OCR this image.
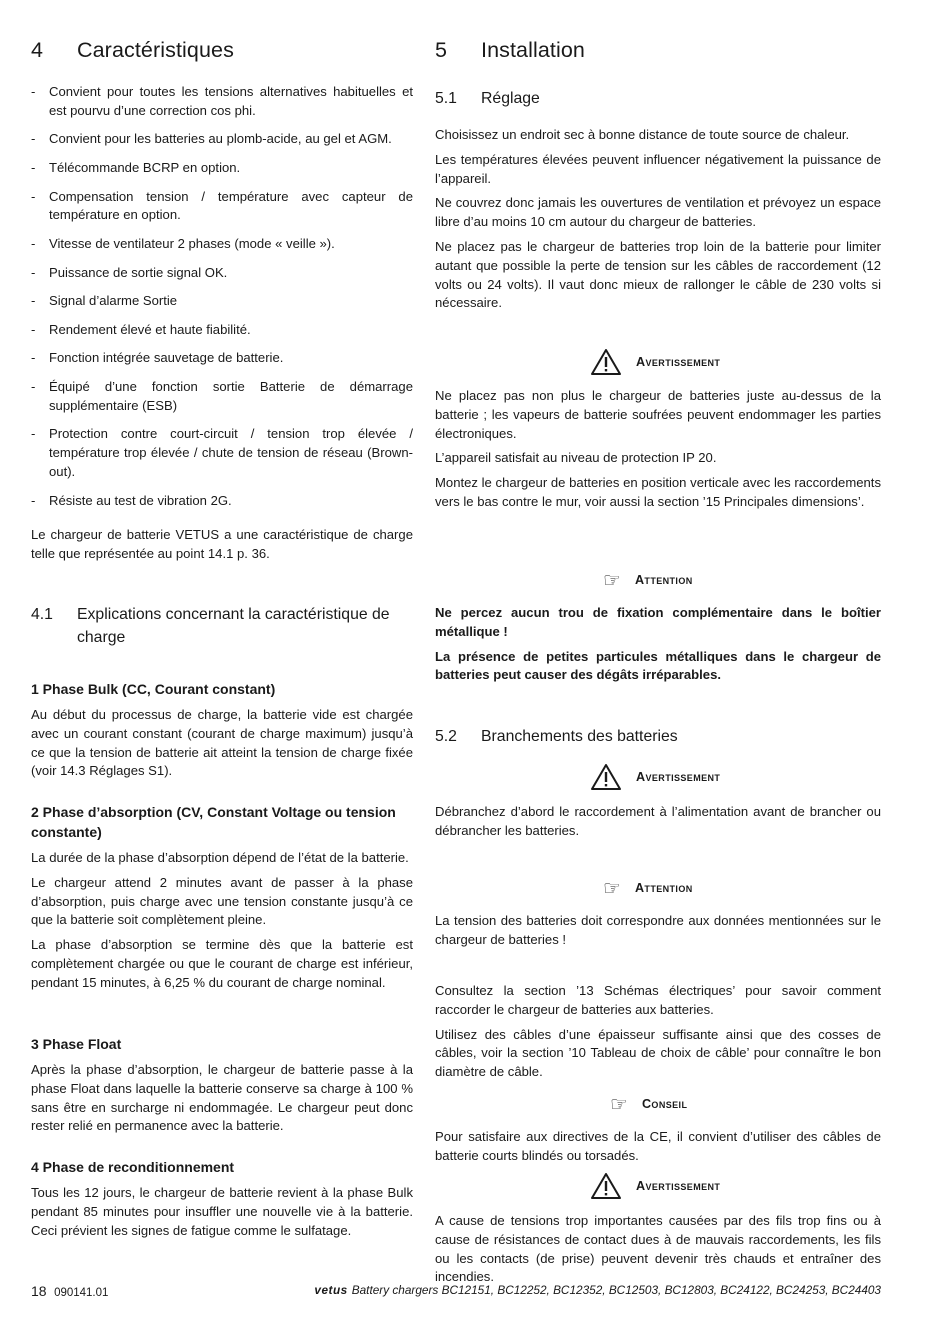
4 Caractéristiques
- Convient pour toutes les tensions alternatives habituelles et est pourvu d’une correction cos phi.
- Convient pour les batteries au plomb-acide, au gel et AGM.
- Télécommande BCRP en option.
- Compensation tension / température avec capteur de température en option.
- Vitesse de ventilateur 2 phases (mode « veille »).
- Puissance de sortie signal OK.
- Signal d’alarme Sortie
- Rendement élevé et haute fiabilité.
- Fonction intégrée sauvetage de batterie.
- Équipé d’une fonction sortie Batterie de démarrage supplémentaire (ESB)
- Protection contre court-circuit / tension trop élevée / température trop élevée / chute de tension de réseau (Brown-out).
- Résiste au test de vibration 2G.

Le chargeur de batterie VETUS a une caractéristique de charge telle que représentée au point 14.1 p. 36.

4.1 Explications concernant la caractéristique de charge
1 Phase Bulk (CC, Courant constant)

Au début du processus de charge, la batterie vide est chargée avec un courant constant (courant de charge maximum) jusqu’à ce que la tension de batterie ait atteint la tension de charge fixée (voir 14.3 Réglages S1).

2 Phase d’absorption (CV, Constant Voltage ou tension constante)

La durée de la phase d’absorption dépend de l’état de la batterie.

Le chargeur attend 2 minutes avant de passer à la phase d’absorption, puis charge avec une tension constante jusqu’à ce que la batterie soit complètement pleine.

La phase d’absorption se termine dès que la batterie est complètement chargée ou que le courant de charge est inférieur, pendant 15 minutes, à 6,25 % du courant de charge nominal.

3 Phase Float

Après la phase d’absorption, le chargeur de batterie passe à la phase Float dans laquelle la batterie conserve sa charge à 100 % sans être en surcharge ni endommagée. Le chargeur peut donc rester relié en permanence avec la batterie.

4 Phase de reconditionnement

Tous les 12 jours, le chargeur de batterie revient à la phase Bulk pendant 85 minutes pour insuffler une nouvelle vie à la batterie. Ceci prévient les signes de fatigue comme le sulfatage.

5 Installation
5.1 Réglage

Choisissez un endroit sec à bonne distance de toute source de chaleur.

Les températures élevées peuvent influencer négativement la puissance de l’appareil.

Ne couvrez donc jamais les ouvertures de ventilation et prévoyez un espace libre d’au moins 10 cm autour du chargeur de batteries.

Ne placez pas le chargeur de batteries trop loin de la batterie pour limiter autant que possible la perte de tension sur les câbles de raccordement (12 volts ou 24 volts). Il vaut donc mieux de rallonger le câble de 230 volts si nécessaire.

Avertissement

Ne placez pas non plus le chargeur de batteries juste au-dessus de la batterie ; les vapeurs de batterie soufrées peuvent endommager les parties électroniques.

L’appareil satisfait au niveau de protection IP 20.

Montez le chargeur de batteries en position verticale avec les raccordements vers le bas contre le mur, voir aussi la section ’15 Principales dimensions’.

☞ Attention

Ne percez aucun trou de fixation complémentaire dans le boîtier métallique !

La présence de petites particules métalliques dans le chargeur de batteries peut causer des dégâts irréparables.

5.2 Branchements des batteries
Avertissement

Débranchez d’abord le raccordement à l’alimentation avant de brancher ou débrancher les batteries.

☞ Attention

La tension des batteries doit correspondre aux données mentionnées sur le chargeur de batteries !

Consultez la section ’13 Schémas électriques’ pour savoir comment raccorder le chargeur de batteries aux batteries.

Utilisez des câbles d’une épaisseur suffisante ainsi que des cosses de câbles, voir la section ’10 Tableau de choix de câble’ pour connaître le bon diamètre de câble.

☞ Conseil

Pour satisfaire aux directives de la CE, il convient d’utiliser des câbles de batterie courts blindés ou torsadés.

Avertissement

A cause de tensions trop importantes causées par des fils trop fins ou à cause de résistances de contact dues à de mauvais raccordements, les fils ou les contacts (de prise) peuvent devenir très chauds et entraîner des incendies.

18 090141.01	vetus Battery chargers BC12151, BC12252, BC12352, BC12503, BC12803, BC24122, BC24253, BC24403
